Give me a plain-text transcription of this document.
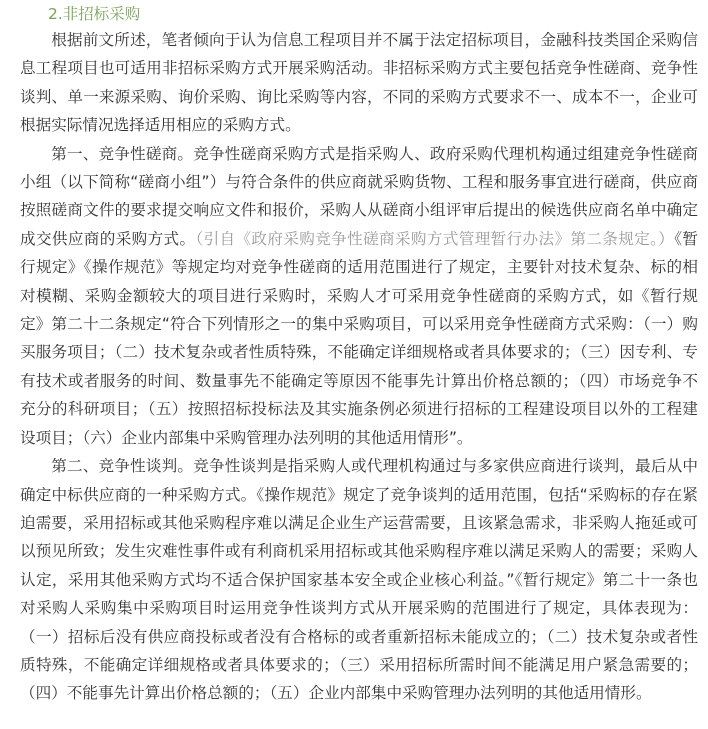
2.非招标采购

根据前文所述，笔者倾向于认为信息工程项目并不属于法定招标项目，金融科技类国企采购信息工程项目也可适用非招标采购方式开展采购活动。非招标采购方式主要包括竞争性磋商、竞争性谈判、单一来源采购、询价采购、询比采购等内容，不同的采购方式要求不一、成本不一，企业可根据实际情况选择适用相应的采购方式。

第一、竞争性磋商。竞争性磋商采购方式是指采购人、政府采购代理机构通过组建竞争性磋商小组（以下简称“磋商小组”）与符合条件的供应商就采购货物、工程和服务事宜进行磋商，供应商按照磋商文件的要求提交响应文件和报价，采购人从磋商小组评审后提出的候选供应商名单中确定成交供应商的采购方式。（引自《政府采购竞争性磋商采购方式管理暂行办法》第二条规定。）《暂行规定》《操作规范》等规定均对竞争性磋商的适用范围进行了规定，主要针对技术复杂、标的相对模糊、采购金额较大的项目进行采购时，采购人才可采用竞争性磋商的采购方式，如《暂行规定》第二十二条规定“符合下列情形之一的集中采购项目，可以采用竞争性磋商方式采购：（一）购买服务项目；（二）技术复杂或者性质特殊，不能确定详细规格或者具体要求的；（三）因专利、专有技术或者服务的时间、数量事先不能确定等原因不能事先计算出价格总额的；（四）市场竞争不充分的科研项目；（五）按照招标投标法及其实施条例必须进行招标的工程建设项目以外的工程建设项目；（六）企业内部集中采购管理办法列明的其他适用情形”。

第二、竞争性谈判。竞争性谈判是指采购人或代理机构通过与多家供应商进行谈判，最后从中确定中标供应商的一种采购方式。《操作规范》规定了竞争谈判的适用范围，包括“采购标的存在紧迫需要，采用招标或其他采购程序难以满足企业生产运营需要，且该紧急需求，非采购人拖延或可以预见所致；发生灾难性事件或有利商机采用招标或其他采购程序难以满足采购人的需要；采购人认定，采用其他采购方式均不适合保护国家基本安全或企业核心利益。”《暂行规定》第二十一条也对采购人采购集中采购项目时运用竞争性谈判方式从开展采购的范围进行了规定，具体表现为：（一）招标后没有供应商投标或者没有合格标的或者重新招标未能成立的；（二）技术复杂或者性质特殊，不能确定详细规格或者具体要求的；（三）采用招标所需时间不能满足用户紧急需要的；（四）不能事先计算出价格总额的；（五）企业内部集中采购管理办法列明的其他适用情形。
